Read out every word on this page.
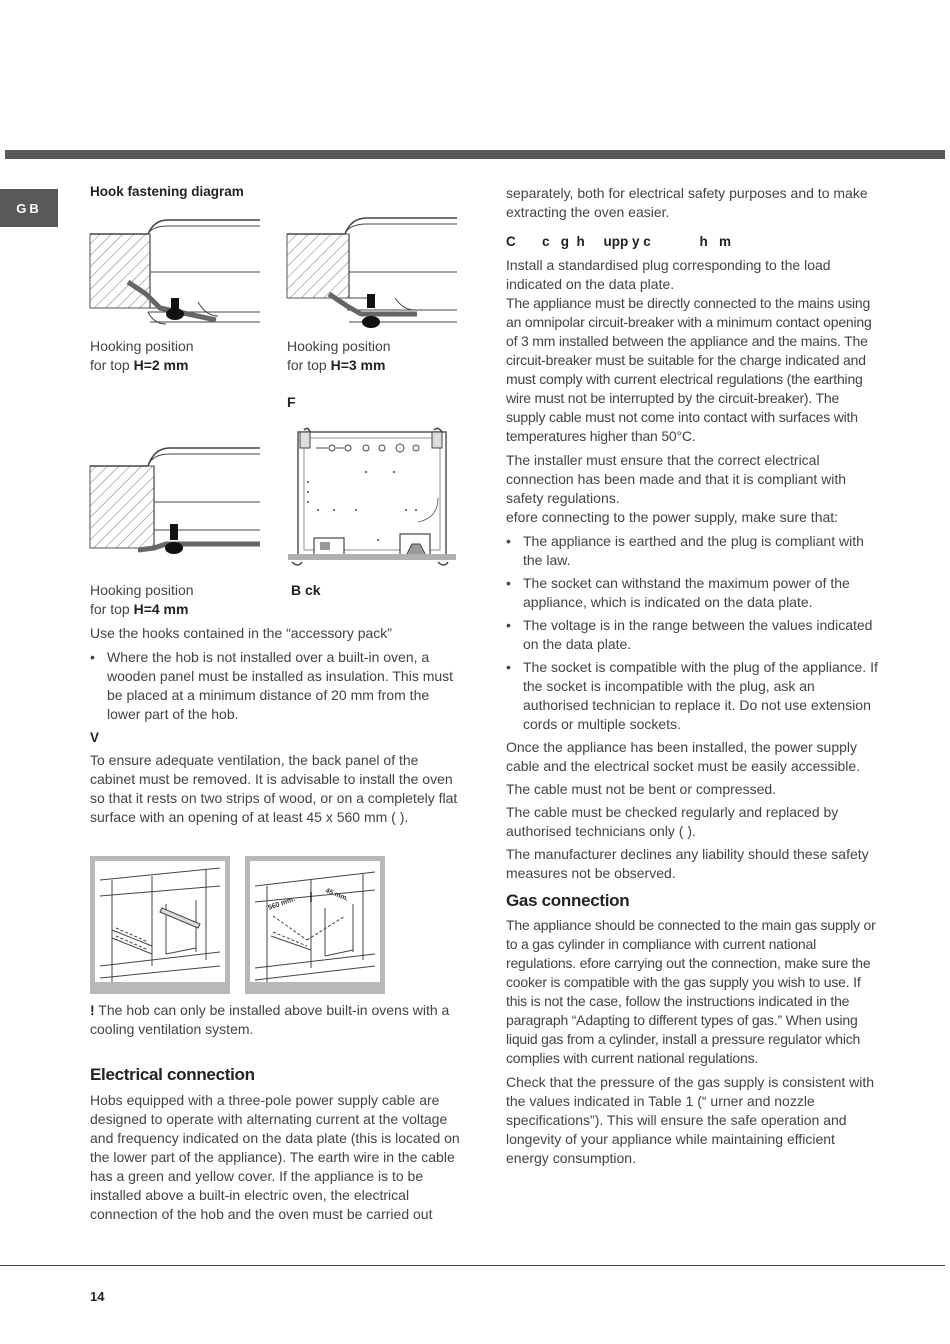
GB

Hook fastening diagram

Hooking position
for top H=2 mm
Hooking position
for top H=3 mm
F
Hooking position
for top H=4 mm
B ck

Use the hooks contained in the “accessory pack”

• Where the hob is not installed over a built-in oven, a wooden panel must be installed as insulation. This must be placed at a minimum distance of 20 mm from the lower part of the hob.

V

To ensure adequate ventilation, the back panel of the cabinet must be removed. It is advisable to install the oven so that it rests on two strips of wood, or on a completely flat surface with an opening of at least 45 x 560 mm ( ).

560 mm.
45 mm.

! The hob can only be installed above built-in ovens with a cooling ventilation system.

Electrical connection

Hobs equipped with a three-pole power supply cable are designed to operate with alternating current at the voltage and frequency indicated on the data plate (this is located on the lower part of the appliance). The earth wire in the cable has a green and yellow cover. If the appliance is to be installed above a built-in electric oven, the electrical connection of the hob and the oven must be carried out

separately, both for electrical safety purposes and to make extracting the oven easier.

C       c   g  h     upp y c             h   m

Install a standardised plug corresponding to the load indicated on the data plate.

The appliance must be directly connected to the mains using an omnipolar circuit-breaker with a minimum contact opening of 3 mm installed between the appliance and the mains. The circuit-breaker must be suitable for the charge indicated and must comply with current electrical regulations (the earthing wire must not be interrupted by the circuit-breaker). The supply cable must not come into contact with surfaces with temperatures higher than 50°C.

The installer must ensure that the correct electrical connection has been made and that it is compliant with safety regulations.

efore connecting to the power supply, make sure that:

• The appliance is earthed and the plug is compliant with the law.
• The socket can withstand the maximum power of the appliance, which is indicated on the data plate.
• The voltage is in the range between the values indicated on the data plate.
• The socket is compatible with the plug of the appliance. If the socket is incompatible with the plug, ask an authorised technician to replace it. Do not use extension cords or multiple sockets.

Once the appliance has been installed, the power supply cable and the electrical socket must be easily accessible.

The cable must not be bent or compressed.

The cable must be checked regularly and replaced by authorised technicians only ( ).

The manufacturer declines any liability should these safety measures not be observed.

Gas connection

The appliance should be connected to the main gas supply or to a gas cylinder in compliance with current national regulations. efore carrying out the connection, make sure the cooker is compatible with the gas supply you wish to use. If this is not the case, follow the instructions indicated in the paragraph “Adapting to different types of gas.” When using liquid gas from a cylinder, install a pressure regulator which complies with current national regulations.

Check that the pressure of the gas supply is consistent with the values indicated in Table 1 (“ urner and nozzle specifications”). This will ensure the safe operation and longevity of your appliance while maintaining efficient energy consumption.

14
